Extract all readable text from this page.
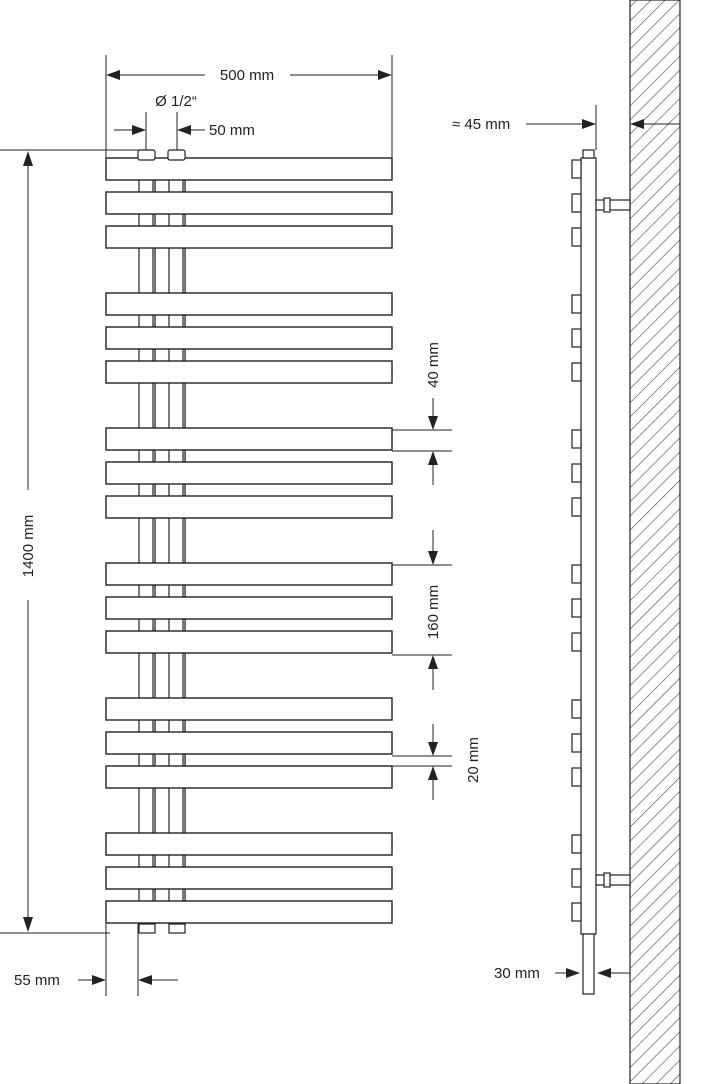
500 mm
Ø 1/2“
50 mm
1400 mm
40 mm
160 mm
20 mm
55 mm
≈ 45 mm
30 mm
